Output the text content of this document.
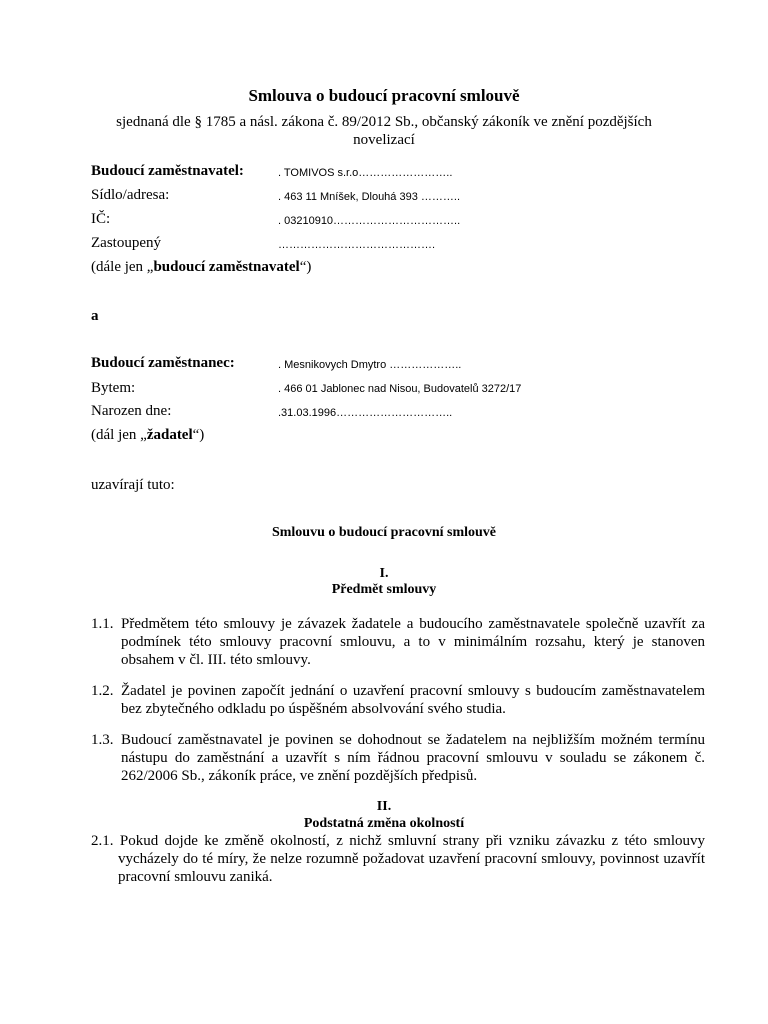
Smlouva o budoucí pracovní smlouvě
sjednaná dle § 1785 a násl. zákona č. 89/2012 Sb., občanský zákoník ve znění pozdějších
novelizací
Budoucí zaměstnavatel:	. TOMIVOS s.r.o……………………..
Sídlo/adresa:	. 463 11 Mníšek, Dlouhá 393 ………..
IČ:	. 03210910……………………………..
Zastoupený	…………………………………….
(dále jen „budoucí zaměstnavatel“)
a
Budoucí zaměstnanec:	. Mesnikovych Dmytro ………………..
Bytem:	. 466 01 Jablonec nad Nisou, Budovatelů 3272/17
Narozen dne:	.31.03.1996…………………………..
(dál jen „žadatel“)
uzavírají tuto:
Smlouvu o budoucí pracovní smlouvě
I.
Předmět smlouvy
1.1. Předmětem této smlouvy je závazek žadatele a budoucího zaměstnavatele společně uzavřít za podmínek této smlouvy pracovní smlouvu, a to v minimálním rozsahu, který je stanoven obsahem v čl. III. této smlouvy.
1.2. Žadatel je povinen započít jednání o uzavření pracovní smlouvy s budoucím zaměstnavatelem bez zbytečného odkladu po úspěšném absolvování svého studia.
1.3. Budoucí zaměstnavatel je povinen se dohodnout se žadatelem na nejbližším možném termínu nástupu do zaměstnání a uzavřít s ním řádnou pracovní smlouvu v souladu se zákonem č. 262/2006 Sb., zákoník práce, ve znění pozdějších předpisů.
II.
Podstatná změna okolností
2.1. Pokud dojde ke změně okolností, z nichž smluvní strany při vzniku závazku z této smlouvy vycházely do té míry, že nelze rozumně požadovat uzavření pracovní smlouvy, povinnost uzavřít pracovní smlouvu zaniká.
